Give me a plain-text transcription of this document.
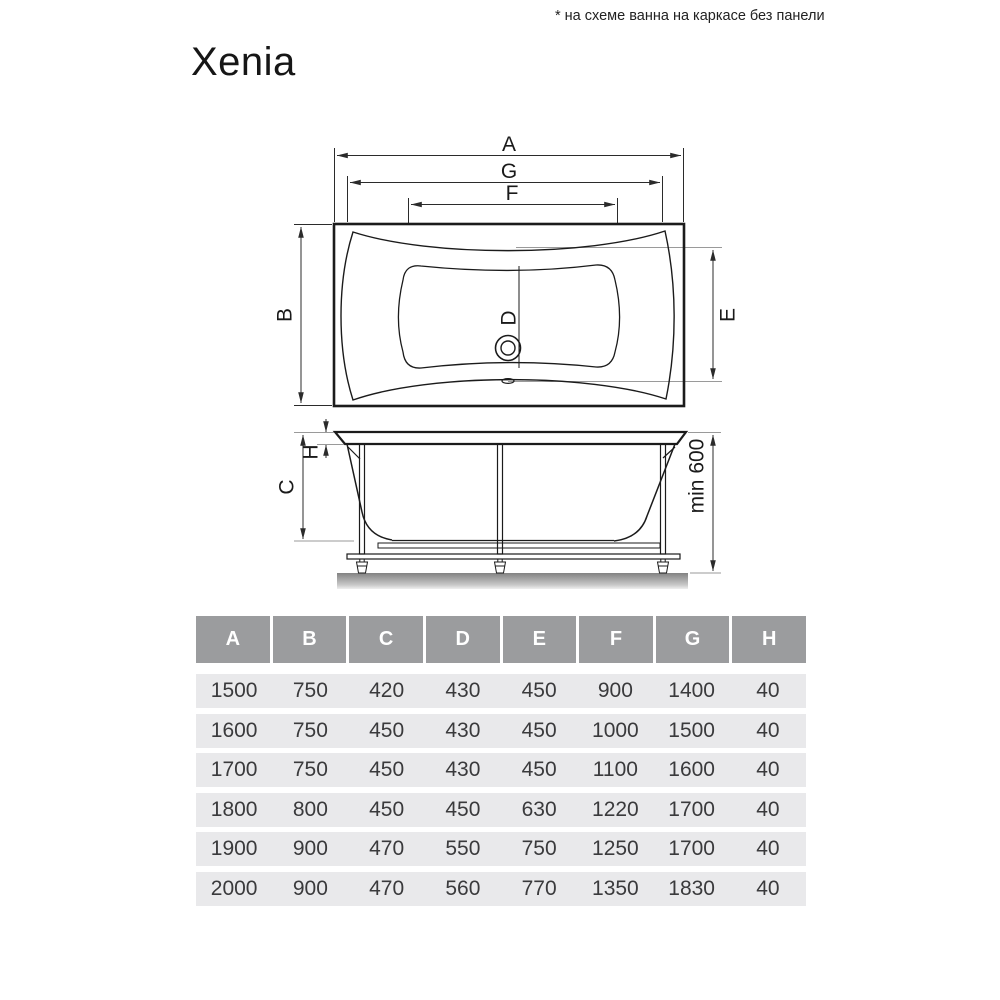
* на схеме ванна на каркасе без панели
Xenia
A
G
F
B	E
D
C
H	min 600
A	B	C	D	E	F	G	H
1500	750	420	430	450	900	1400	40
1600	750	450	430	450	1000	1500	40
1700	750	450	430	450	1100	1600	40
1800	800	450	450	630	1220	1700	40
1900	900	470	550	750	1250	1700	40
2000	900	470	560	770	1350	1830	40
